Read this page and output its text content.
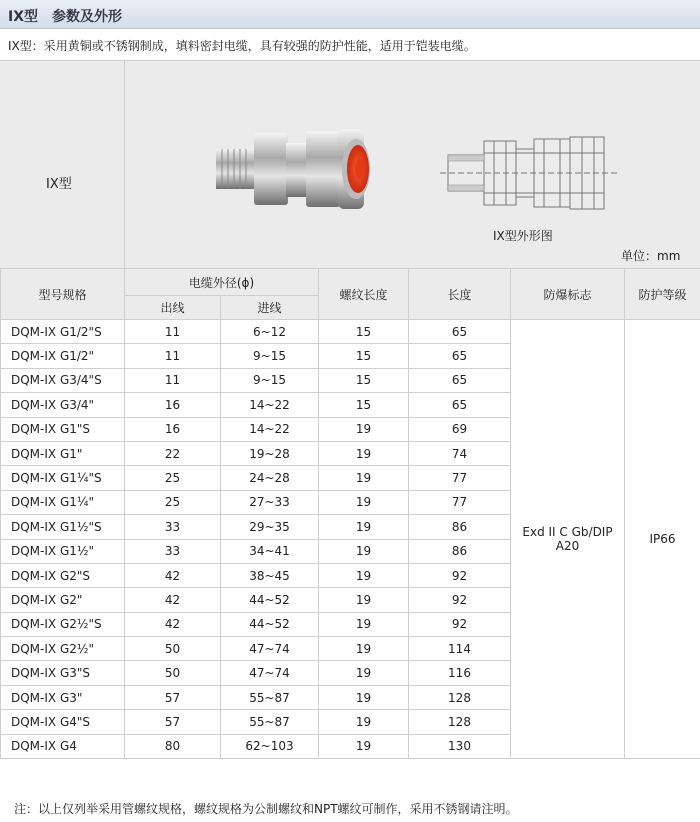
IX型　参数及外形
IX型：采用黄铜或不锈钢制成，填料密封电缆，具有较强的防护性能，适用于铠装电缆。
IX型
IX型外形图
单位：mm
型号规格	电缆外径(ϕ)		螺纹长度	长度	防爆标志	防护等级
	出线	进线				
DQM-IX G1/2"S	11	6~12	15	65	Exd II C Gb/DIP A20	IP66
DQM-IX G1/2"	11	9~15	15	65		
DQM-IX G3/4"S	11	9~15	15	65		
DQM-IX G3/4"	16	14~22	15	65		
DQM-IX G1"S	16	14~22	19	69		
DQM-IX G1"	22	19~28	19	74		
DQM-IX G1¼"S	25	24~28	19	77		
DQM-IX G1¼"	25	27~33	19	77		
DQM-IX G1½"S	33	29~35	19	86		
DQM-IX G1½"	33	34~41	19	86		
DQM-IX G2"S	42	38~45	19	92		
DQM-IX G2"	42	44~52	19	92		
DQM-IX G2½"S	42	44~52	19	92		
DQM-IX G2½"	50	47~74	19	114		
DQM-IX G3"S	50	47~74	19	116		
DQM-IX G3"	57	55~87	19	128		
DQM-IX G4"S	57	55~87	19	128		
DQM-IX G4	80	62~103	19	130		
注：以上仅列举采用管螺纹规格，螺纹规格为公制螺纹和NPT螺纹可制作，采用不锈钢请注明。
